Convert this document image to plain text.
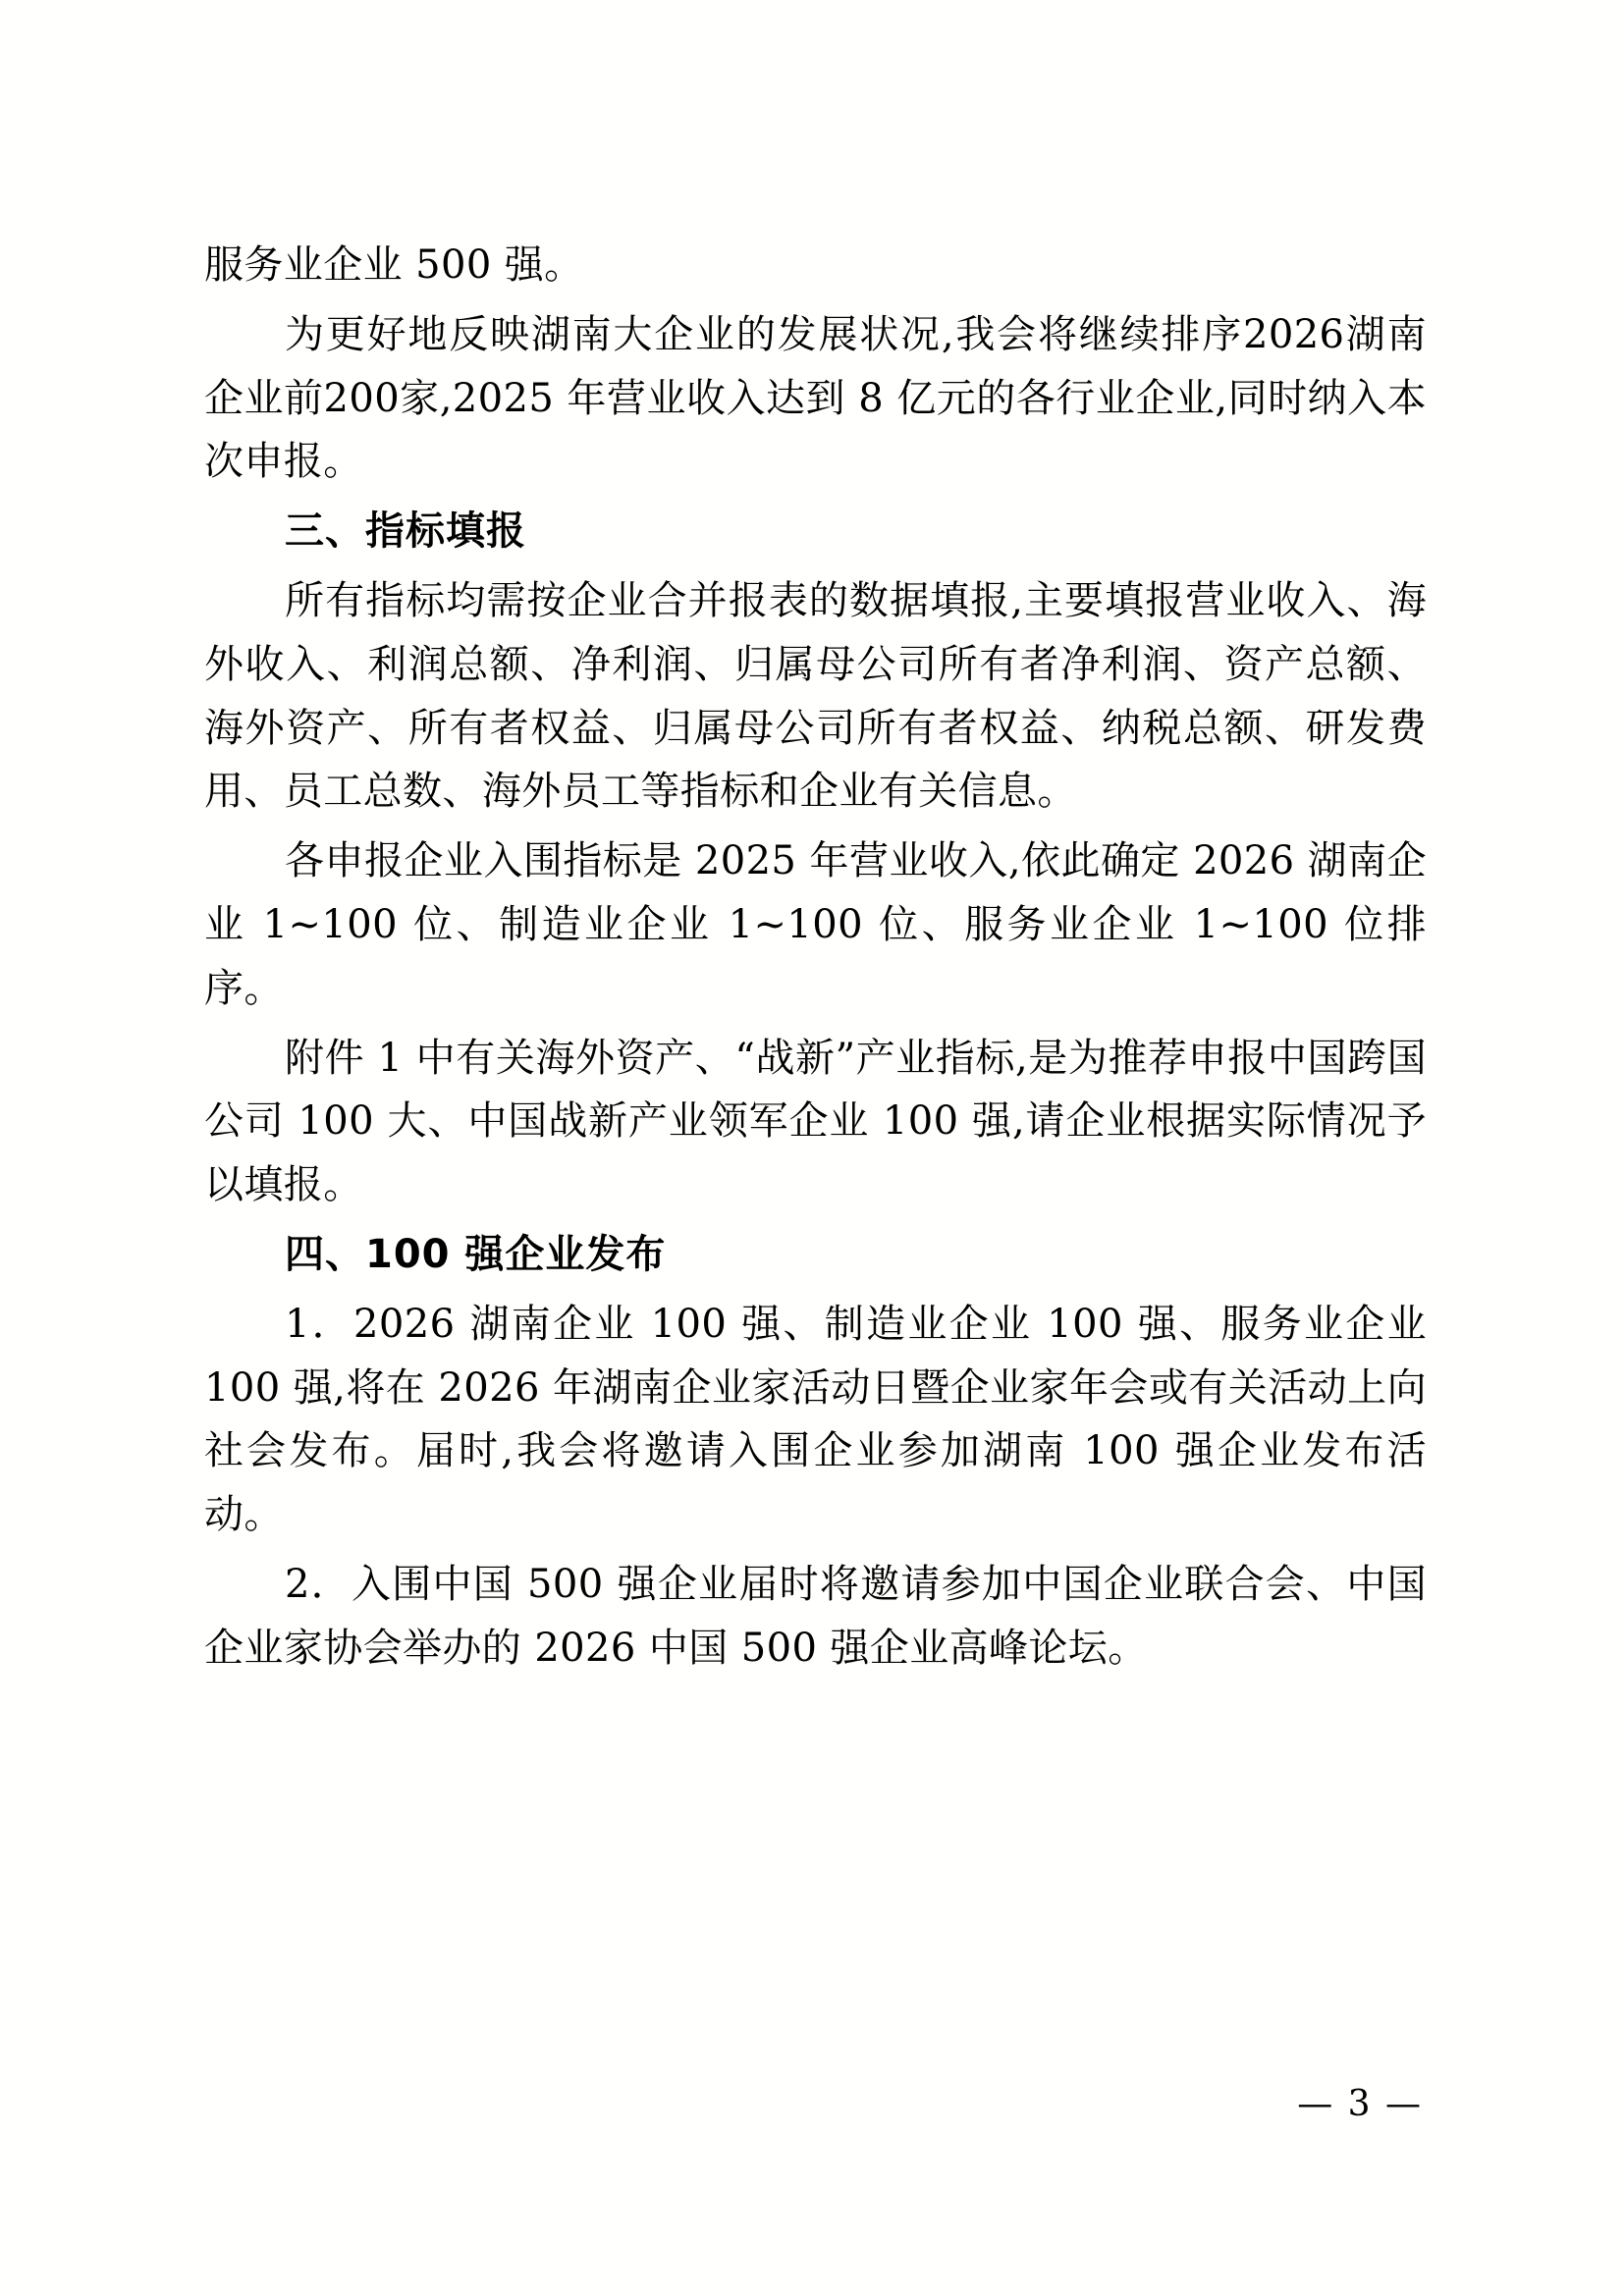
服务业企业 500 强。

为更好地反映湖南大企业的发展状况,我会将继续排序2026湖南企业前200家,2025 年营业收入达到 8 亿元的各行业企业,同时纳入本次申报。

三、指标填报

所有指标均需按企业合并报表的数据填报,主要填报营业收入、海外收入、利润总额、净利润、归属母公司所有者净利润、资产总额、海外资产、所有者权益、归属母公司所有者权益、纳税总额、研发费用、员工总数、海外员工等指标和企业有关信息。

各申报企业入围指标是 2025 年营业收入,依此确定 2026 湖南企业 1~100 位、制造业企业 1~100 位、服务业企业 1~100 位排序。

附件 1 中有关海外资产、“战新”产业指标,是为推荐申报中国跨国公司 100 大、中国战新产业领军企业 100 强,请企业根据实际情况予以填报。

四、100 强企业发布

1．2026 湖南企业 100 强、制造业企业 100 强、服务业企业 100 强,将在 2026 年湖南企业家活动日暨企业家年会或有关活动上向社会发布。届时,我会将邀请入围企业参加湖南 100 强企业发布活动。

2．入围中国 500 强企业届时将邀请参加中国企业联合会、中国企业家协会举办的 2026 中国 500 强企业高峰论坛。

— 3 —
